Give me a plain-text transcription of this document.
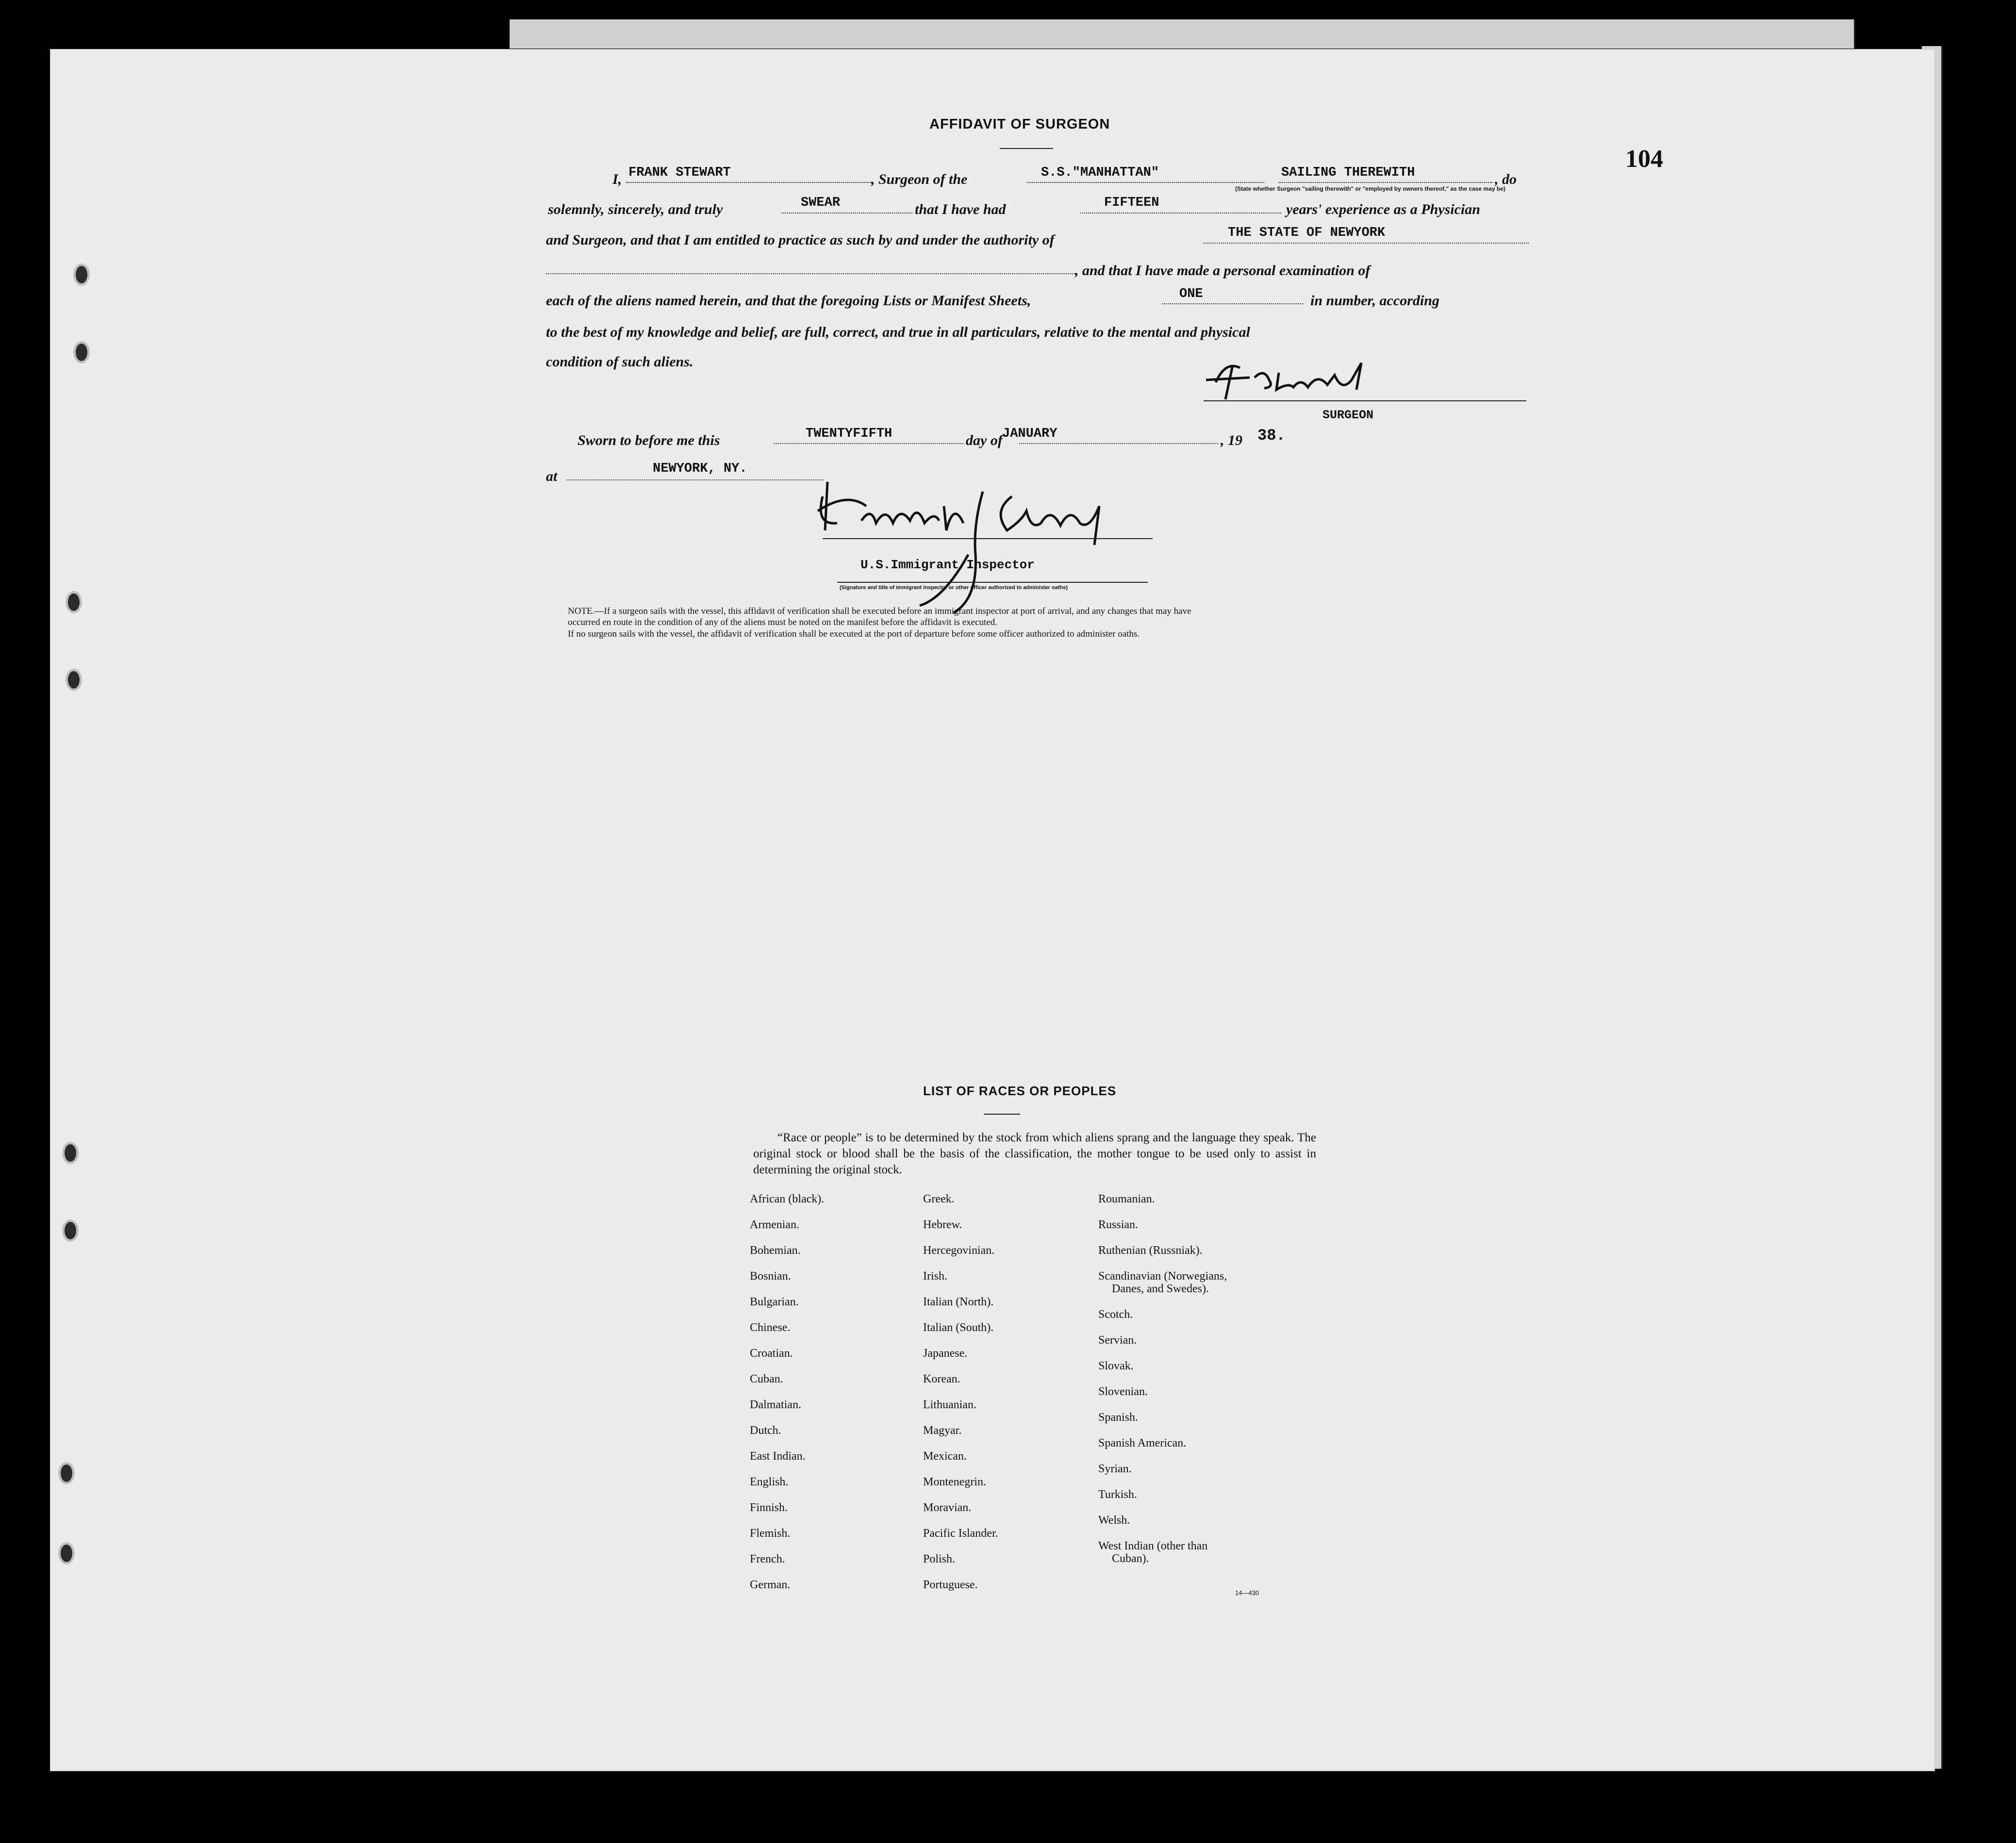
104
AFFIDAVIT OF SURGEON
I, FRANK STEWART	, Surgeon of the	S.S."MANHATTAN"	SAILING THEREWITH	, do
(State whether Surgeon "sailing therewith" or "employed by owners thereof," as the case may be)
solemnly, sincerely, and truly	SWEAR	that I have had	FIFTEEN	years' experience as a Physician
and Surgeon, and that I am entitled to practice as such by and under the authority of	THE STATE OF NEWYORK
, and that I have made a personal examination of
each of the aliens named herein, and that the foregoing Lists or Manifest Sheets,	ONE	in number, according
to the best of my knowledge and belief, are full, correct, and true in all particulars, relative to the mental and physical
condition of such aliens.
SURGEON
Sworn to before me this	TWENTYFIFTH	day of JANUARY	, 19 38.
at	NEWYORK, NY.
U.S.Immigrant Inspector
(Signature and title of immigrant inspector or other officer authorized to administer oaths)
NOTE.—If a surgeon sails with the vessel, this affidavit of verification shall be executed before an immigrant inspector at port of arrival, and any changes that may have
occurred en route in the condition of any of the aliens must be noted on the manifest before the affidavit is executed.
If no surgeon sails with the vessel, the affidavit of verification shall be executed at the port of departure before some officer authorized to administer oaths.
LIST OF RACES OR PEOPLES
“Race or people” is to be determined by the stock from which aliens sprang and the language they speak. The original stock or blood shall be the basis of the classification, the mother tongue to be used only to assist in determining the original stock.
African (black).
Armenian.
Bohemian.
Bosnian.
Bulgarian.
Chinese.
Croatian.
Cuban.
Dalmatian.
Dutch.
East Indian.
English.
Finnish.
Flemish.
French.
German.
Greek.
Hebrew.
Hercegovinian.
Irish.
Italian (North).
Italian (South).
Japanese.
Korean.
Lithuanian.
Magyar.
Mexican.
Montenegrin.
Moravian.
Pacific Islander.
Polish.
Portuguese.
Roumanian.
Russian.
Ruthenian (Russniak).
Scandinavian (Norwegians,
Danes, and Swedes).
Scotch.
Servian.
Slovak.
Slovenian.
Spanish.
Spanish American.
Syrian.
Turkish.
Welsh.
West Indian (other than
Cuban).
14—430
